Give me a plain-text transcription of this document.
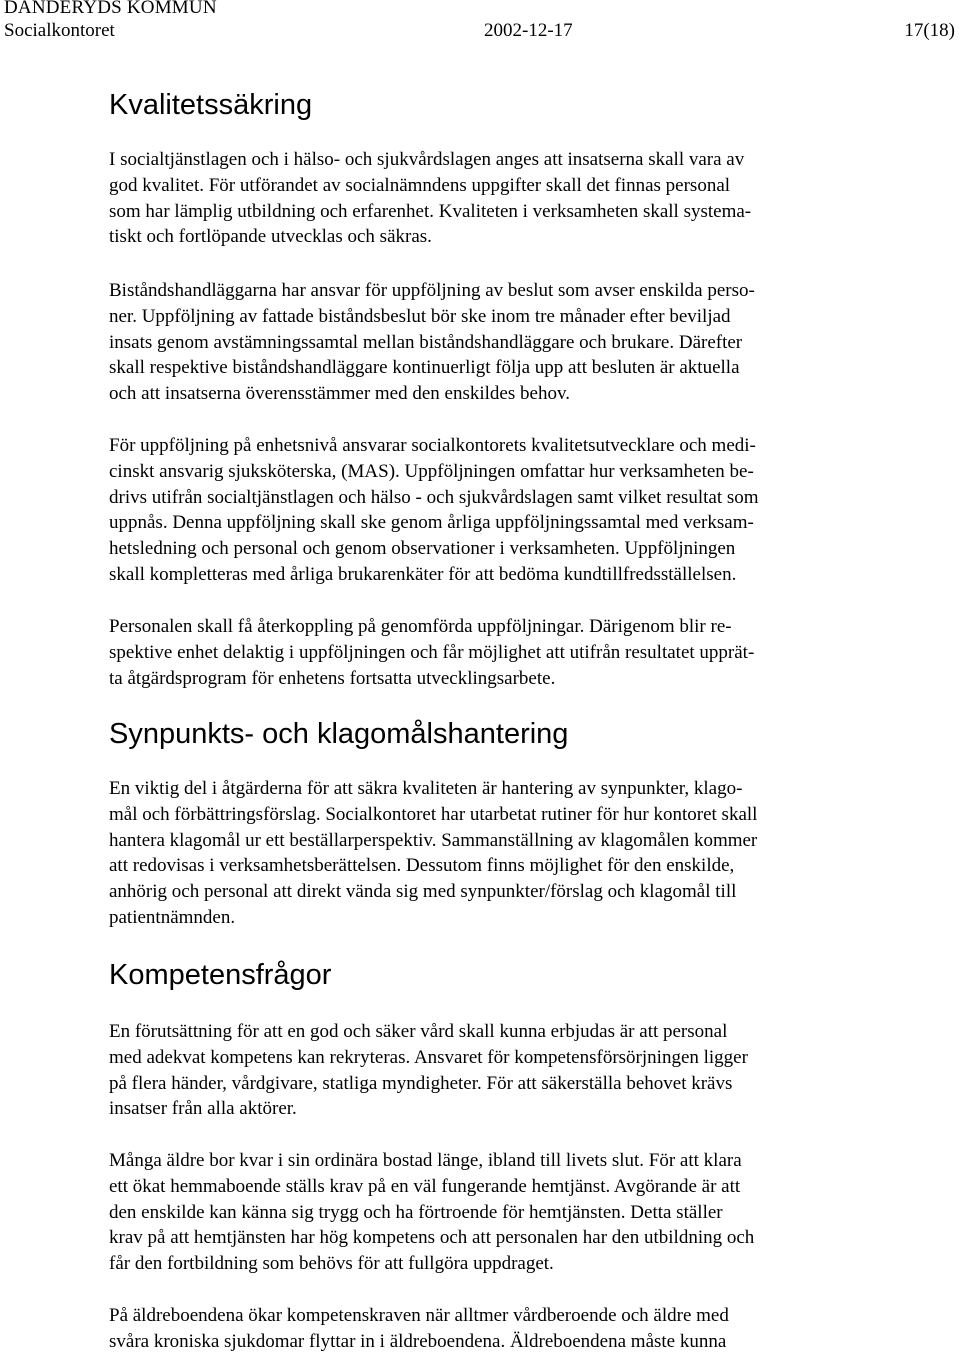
DANDERYDS KOMMUN
Socialkontoret	2002-12-17	17(18)
Kvalitetssäkring

I socialtjänstlagen och i hälso- och sjukvårdslagen anges att insatserna skall vara av
god kvalitet. För utförandet av socialnämndens uppgifter skall det finnas personal
som har lämplig utbildning och erfarenhet. Kvaliteten i verksamheten skall systema-
tiskt och fortlöpande utvecklas och säkras.

Biståndshandläggarna har ansvar för uppföljning av beslut som avser enskilda perso-
ner. Uppföljning av fattade biståndsbeslut bör ske inom tre månader efter beviljad
insats genom avstämningssamtal mellan biståndshandläggare och brukare. Därefter
skall respektive biståndshandläggare kontinuerligt följa upp att besluten är aktuella
och att insatserna överensstämmer med den enskildes behov.

För uppföljning på enhetsnivå ansvarar socialkontorets kvalitetsutvecklare och medi-
cinskt ansvarig sjuksköterska, (MAS). Uppföljningen omfattar hur verksamheten be-
drivs utifrån socialtjänstlagen och hälso - och sjukvårdslagen samt vilket resultat som
uppnås. Denna uppföljning skall ske genom årliga uppföljningssamtal med verksam-
hetsledning och personal och genom observationer i verksamheten. Uppföljningen
skall kompletteras med årliga brukarenkäter för att bedöma kundtillfredsställelsen.

Personalen skall få återkoppling på genomförda uppföljningar. Därigenom blir re-
spektive enhet delaktig i uppföljningen och får möjlighet att utifrån resultatet upprät-
ta åtgärdsprogram för enhetens fortsatta utvecklingsarbete.

Synpunkts- och klagomålshantering

En viktig del i åtgärderna för att säkra kvaliteten är hantering av synpunkter, klago-
mål och förbättringsförslag. Socialkontoret har utarbetat rutiner för hur kontoret skall
hantera klagomål ur ett beställarperspektiv. Sammanställning av klagomålen kommer
att redovisas i verksamhetsberättelsen. Dessutom finns möjlighet för den enskilde,
anhörig och personal att direkt vända sig med synpunkter/förslag och klagomål till
patientnämnden.

Kompetensfrågor

En förutsättning för att en god och säker vård skall kunna erbjudas är att personal
med adekvat kompetens kan rekryteras. Ansvaret för kompetensförsörjningen ligger
på flera händer, vårdgivare, statliga myndigheter. För att säkerställa behovet krävs
insatser från alla aktörer.

Många äldre bor kvar i sin ordinära bostad länge, ibland till livets slut. För att klara
ett ökat hemmaboende ställs krav på en väl fungerande hemtjänst. Avgörande är att
den enskilde kan känna sig trygg och ha förtroende för hemtjänsten. Detta ställer
krav på att hemtjänsten har hög kompetens och att personalen har den utbildning och
får den fortbildning som behövs för att fullgöra uppdraget.

På äldreboendena ökar kompetenskraven när alltmer vårdberoende och äldre med
svåra kroniska sjukdomar flyttar in i äldreboendena. Äldreboendena måste kunna
